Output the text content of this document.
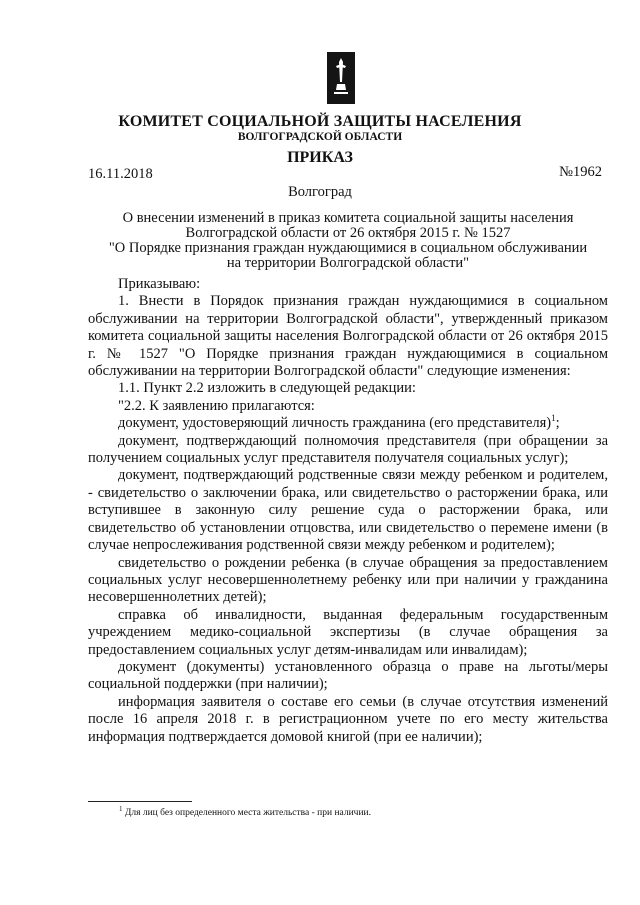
КОМИТЕТ СОЦИАЛЬНОЙ ЗАЩИТЫ НАСЕЛЕНИЯ
ВОЛГОГРАДСКОЙ ОБЛАСТИ
ПРИКАЗ
16.11.2018	№1962
Волгоград
О внесении изменений в приказ комитета социальной защиты населения
Волгоградской области от 26 октября 2015 г. № 1527
"О Порядке признания граждан нуждающимися в социальном обслуживании
на территории Волгоградской области"

Приказываю:

1. Внести в Порядок признания граждан нуждающимися в социальном обслуживании на территории Волгоградской области", утвержденный приказом комитета социальной защиты населения Волгоградской области от 26 октября 2015 г. № 1527 "О Порядке признания граждан нуждающимися в социальном обслуживании на территории Волгоградской области" следующие изменения:

1.1. Пункт 2.2 изложить в следующей редакции:

"2.2. К заявлению прилагаются:

документ, удостоверяющий личность гражданина (его представителя)$^1$;

документ, подтверждающий полномочия представителя (при обращении за получением социальных услуг представителя получателя социальных услуг);

документ, подтверждающий родственные связи между ребенком и родителем, - свидетельство о заключении брака, или свидетельство о расторжении брака, или вступившее в законную силу решение суда о расторжении брака, или свидетельство об установлении отцовства, или свидетельство о перемене имени (в случае непрослеживания родственной связи между ребенком и родителем);

свидетельство о рождении ребенка (в случае обращения за предоставлением социальных услуг несовершеннолетнему ребенку или при наличии у гражданина несовершеннолетних детей);

справка об инвалидности, выданная федеральным государственным учреждением медико-социальной экспертизы (в случае обращения за предоставлением социальных услуг детям-инвалидам или инвалидам);

документ (документы) установленного образца о праве на льготы/меры социальной поддержки (при наличии);

информация заявителя о составе его семьи (в случае отсутствия изменений после 16 апреля 2018 г. в регистрационном учете по его месту жительства информация подтверждается домовой книгой (при ее наличии);

$^1$ Для лиц без определенного места жительства - при наличии.
